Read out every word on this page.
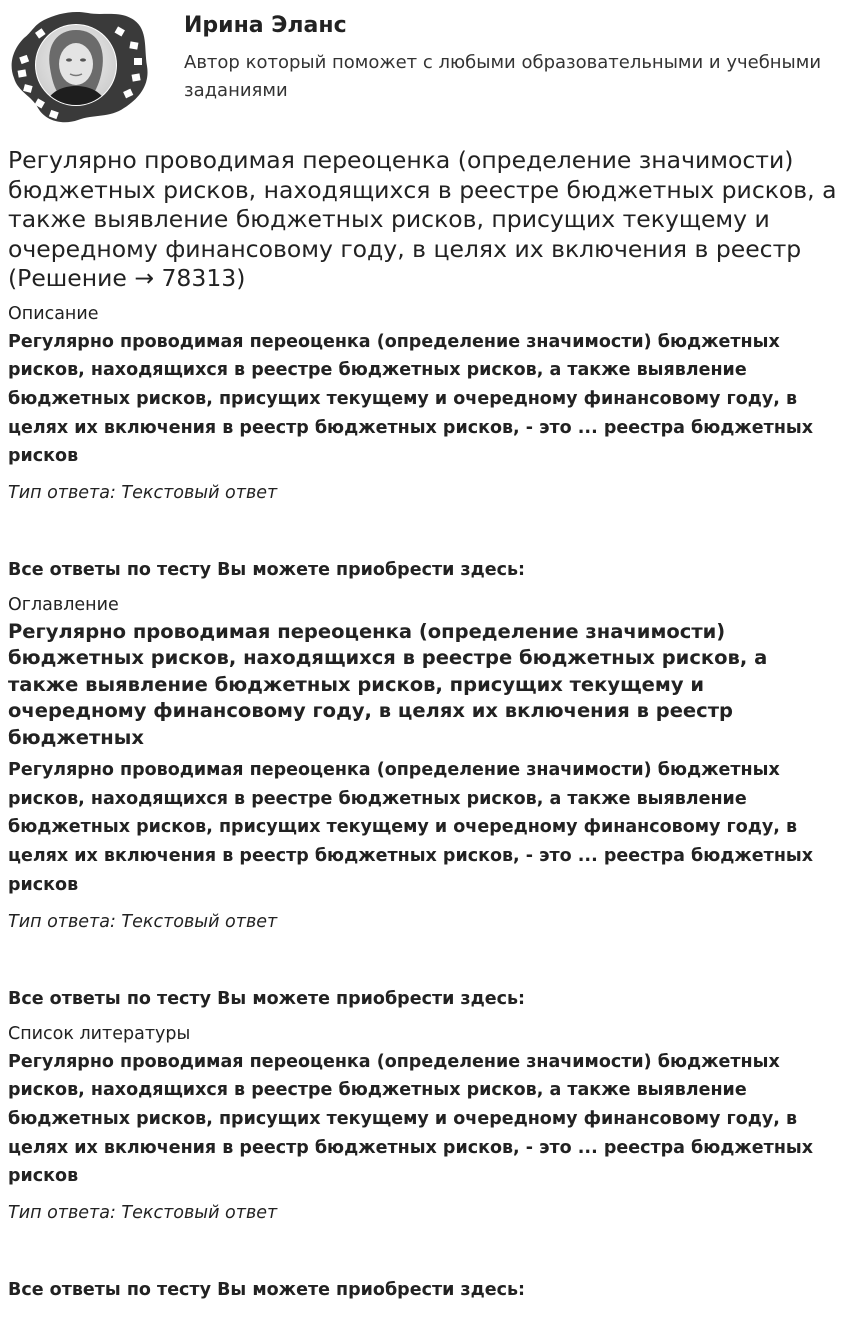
Ирина Эланс
Автор который поможет с любыми образовательными и учебными заданиями
Регулярно проводимая переоценка (определение значимости) бюджетных рисков, находящихся в реестре бюджетных рисков, а также выявление бюджетных рисков, присущих текущему и очередному финансовому году, в целях их включения в реестр (Решение → 78313)

Описание

Регулярно проводимая переоценка (определение значимости) бюджетных рисков, находящихся в реестре бюджетных рисков, а также выявление бюджетных рисков, присущих текущему и очередному финансовому году, в целях их включения в реестр бюджетных рисков, - это ... реестра бюджетных рисков

Тип ответа: Текстовый ответ

Все ответы по тесту Вы можете приобрести здесь:

Оглавление

Регулярно проводимая переоценка (определение значимости) бюджетных рисков, находящихся в реестре бюджетных рисков, а также выявление бюджетных рисков, присущих текущему и очередному финансовому году, в целях их включения в реестр бюджетных

Регулярно проводимая переоценка (определение значимости) бюджетных рисков, находящихся в реестре бюджетных рисков, а также выявление бюджетных рисков, присущих текущему и очередному финансовому году, в целях их включения в реестр бюджетных рисков, - это ... реестра бюджетных рисков

Тип ответа: Текстовый ответ

Все ответы по тесту Вы можете приобрести здесь:

Список литературы

Регулярно проводимая переоценка (определение значимости) бюджетных рисков, находящихся в реестре бюджетных рисков, а также выявление бюджетных рисков, присущих текущему и очередному финансовому году, в целях их включения в реестр бюджетных рисков, - это ... реестра бюджетных рисков

Тип ответа: Текстовый ответ

Все ответы по тесту Вы можете приобрести здесь:
